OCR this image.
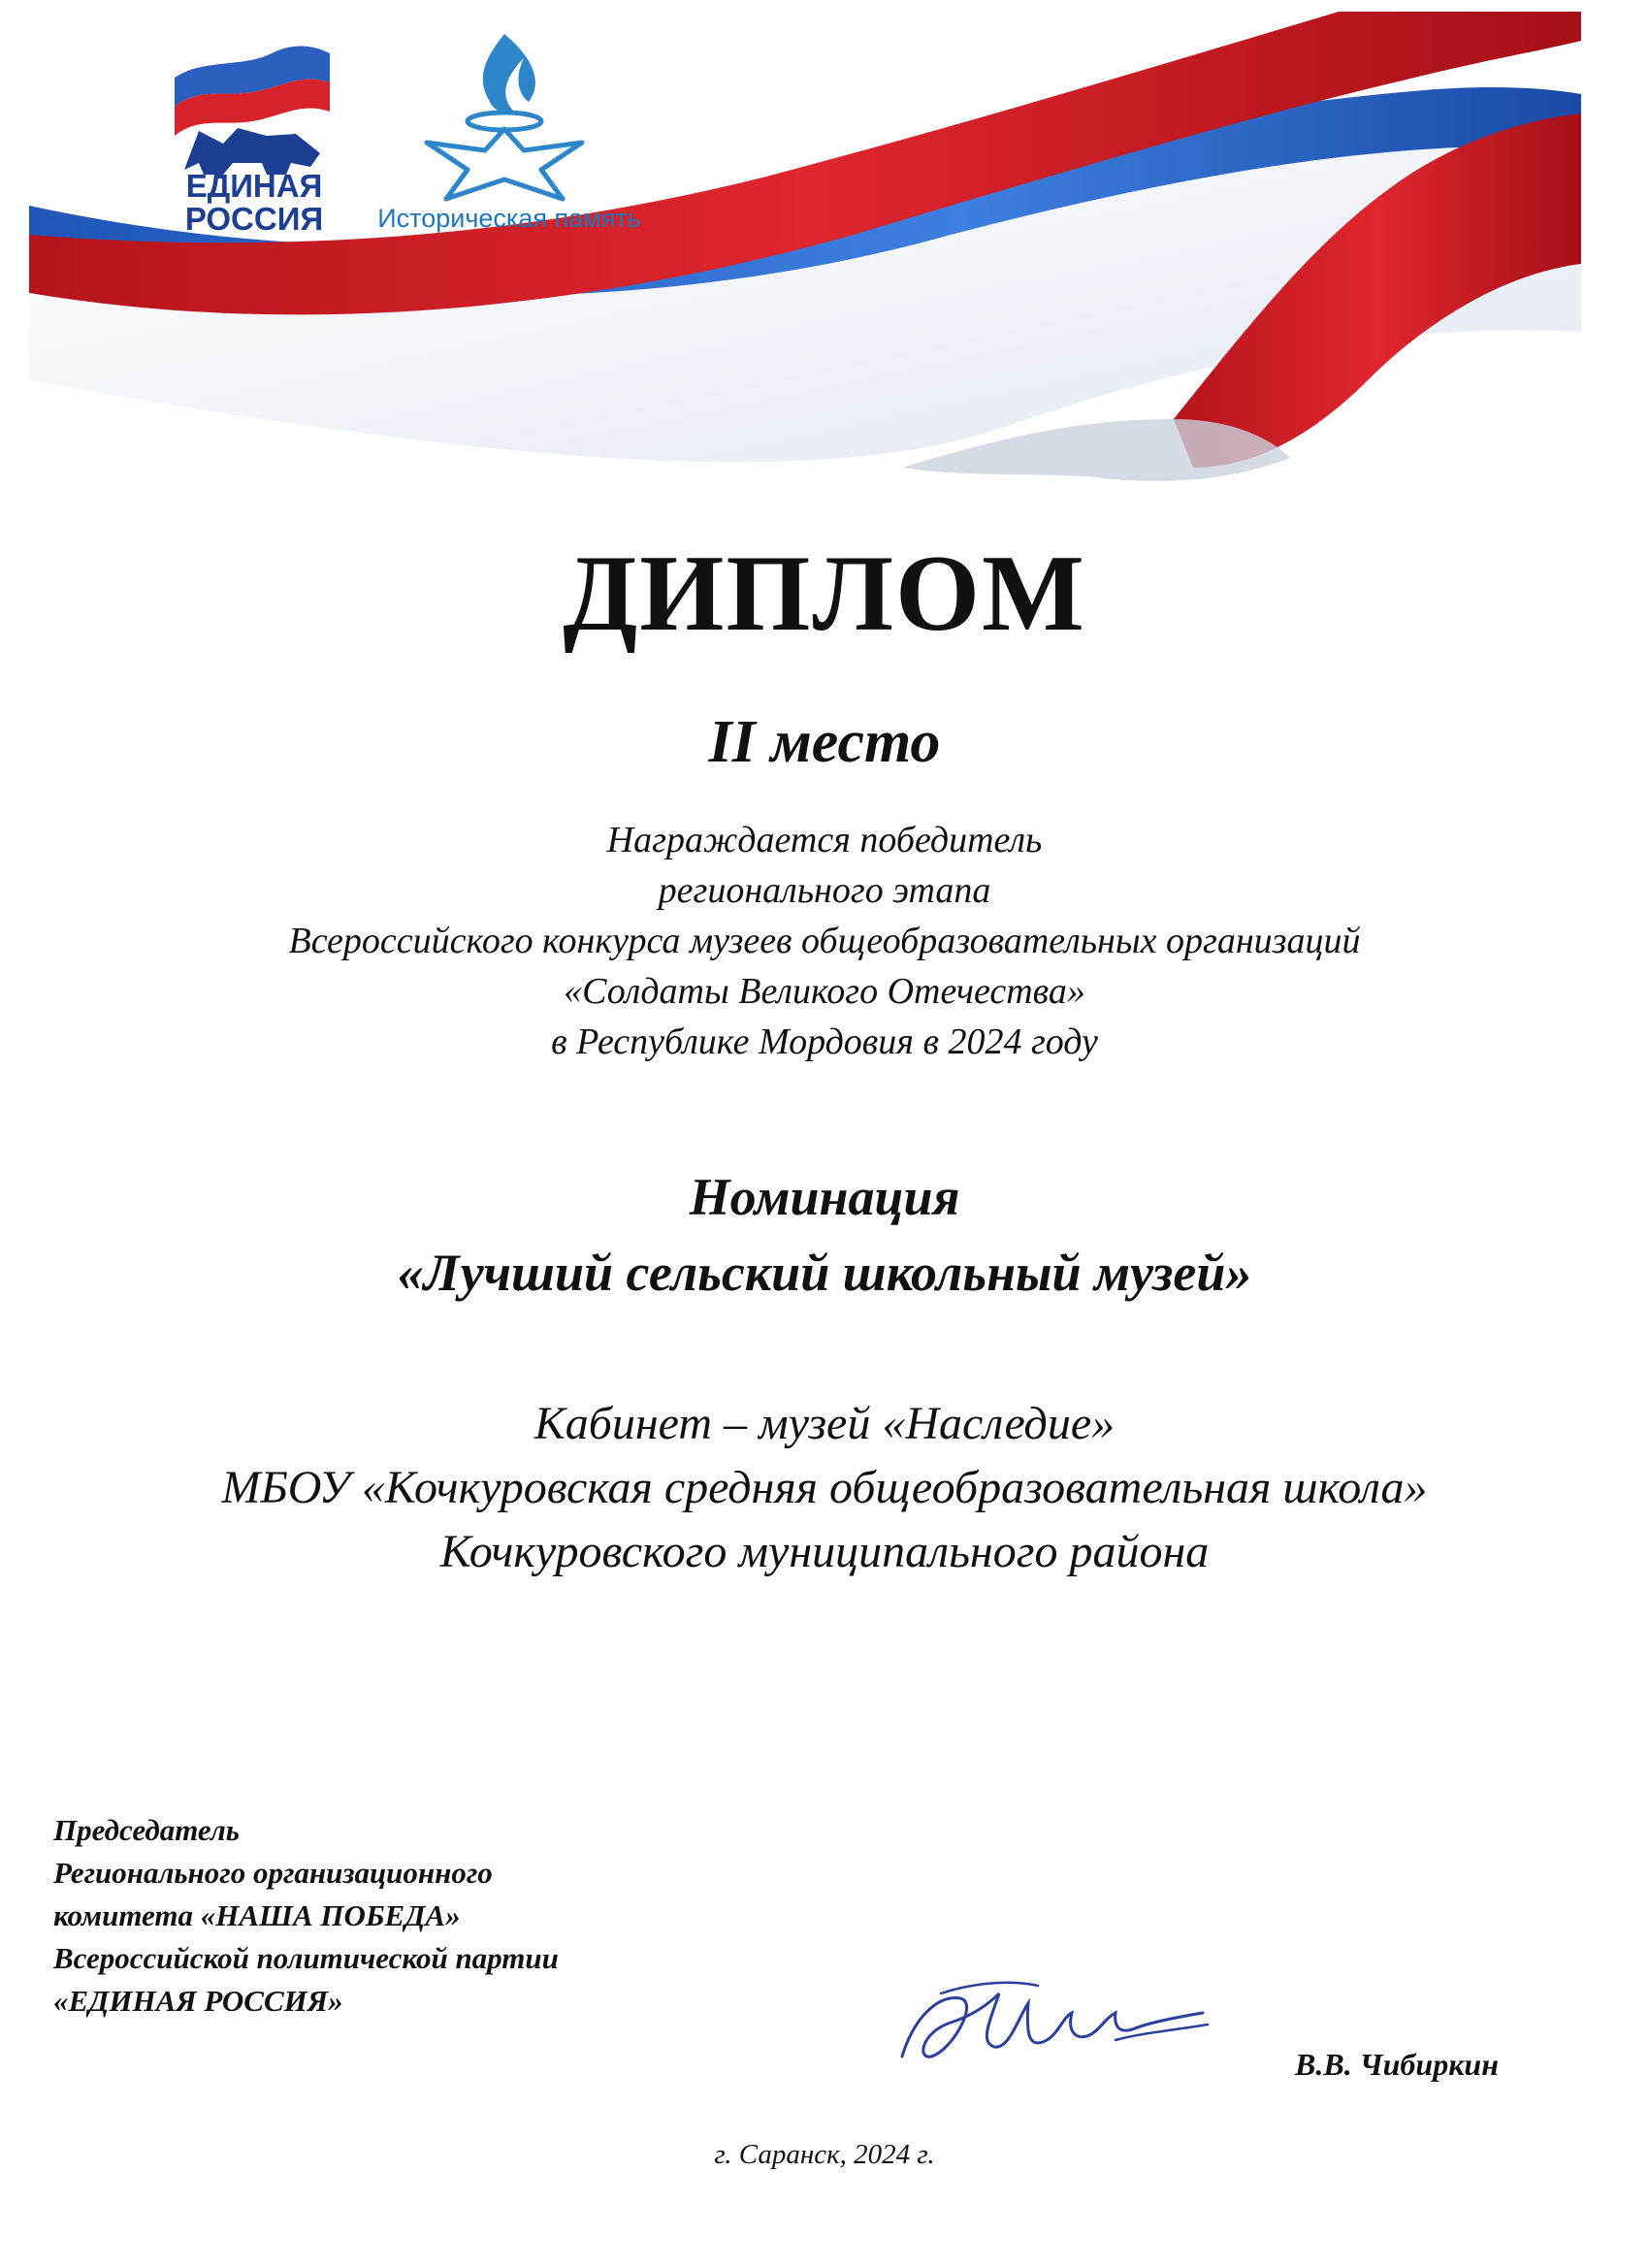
ЕДИНАЯ
РОССИЯ	Историческая память
ДИПЛОМ
II место
Награждается победитель
регионального этапа
Всероссийского конкурса музеев общеобразовательных организаций
«Солдаты Великого Отечества»
в Республике Мордовия в 2024 году
Номинация
«Лучший сельский школьный музей»
Кабинет – музей «Наследие»
МБОУ «Кочкуровская средняя общеобразовательная школа»
Кочкуровского муниципального района
Председатель
Регионального организационного
комитета «НАША ПОБЕДА»
Всероссийской политической партии
«ЕДИНАЯ РОССИЯ»
В.В. Чибиркин
г. Саранск, 2024 г.
